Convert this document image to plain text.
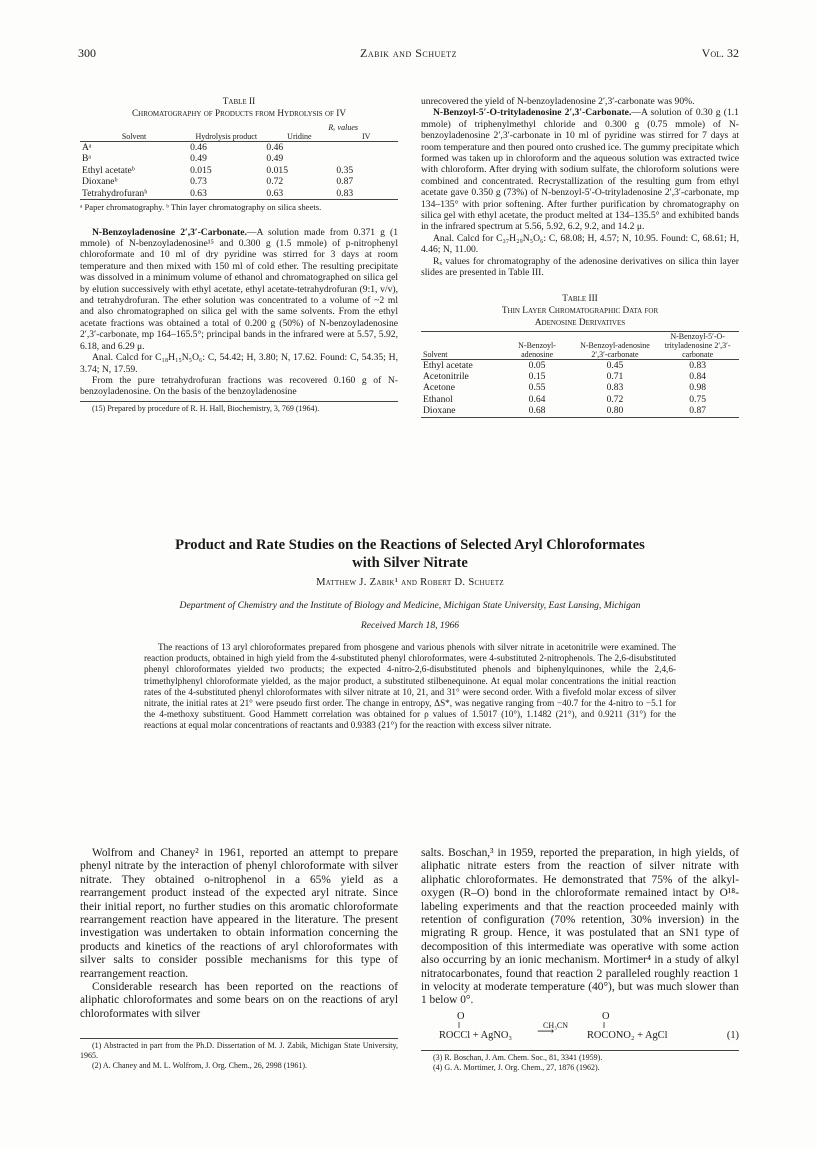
300	Zabik and Schuetz	Vol. 32
Table II
Chromatography of Products from Hydrolysis of IV
	Rₓ values		
Solvent	Hydrolysis product	Uridine	IV
Aᵃ	0.46	0.46	
Bᵃ	0.49	0.49	
Ethyl acetateᵇ	0.015	0.015	0.35
Dioxaneᵇ	0.73	0.72	0.87
Tetrahydrofuranᵇ	0.63	0.63	0.83
ᵃ Paper chromatography. ᵇ Thin layer chromatography on silica sheets.

N-Benzoyladenosine 2′,3′-Carbonate.—A solution made from 0.371 g (1 mmole) of N-benzoyladenosine¹⁵ and 0.300 g (1.5 mmole) of p-nitrophenyl chloroformate and 10 ml of dry pyridine was stirred for 3 days at room temperature and then mixed with 150 ml of cold ether. The resulting precipitate was dissolved in a minimum volume of ethanol and chromatographed on silica gel by elution successively with ethyl acetate, ethyl acetate-tetrahydrofuran (9:1, v/v), and tetrahydrofuran. The ether solution was concentrated to a volume of ~2 ml and also chromatographed on silica gel with the same solvents. From the ethyl acetate fractions was obtained a total of 0.200 g (50%) of N-benzoyladenosine 2′,3′-carbonate, mp 164–165.5°; principal bands in the infrared were at 5.57, 5.92, 6.18, and 6.29 μ.

Anal. Calcd for C₁₈H₁₅N₅O₆: C, 54.42; H, 3.80; N, 17.62. Found: C, 54.35; H, 3.74; N, 17.59.

From the pure tetrahydrofuran fractions was recovered 0.160 g of N-benzoyladenosine. On the basis of the benzoyladenosine

(15) Prepared by procedure of R. H. Hall, Biochemistry, 3, 769 (1964).

unrecovered the yield of N-benzoyladenosine 2′,3′-carbonate was 90%.

N-Benzoyl-5′-O-trityladenosine 2′,3′-Carbonate.—A solution of 0.30 g (1.1 mmole) of triphenylmethyl chloride and 0.300 g (0.75 mmole) of N-benzoyladenosine 2′,3′-carbonate in 10 ml of pyridine was stirred for 7 days at room temperature and then poured onto crushed ice. The gummy precipitate which formed was taken up in chloroform and the aqueous solution was extracted twice with chloroform. After drying with sodium sulfate, the chloroform solutions were combined and concentrated. Recrystallization of the resulting gum from ethyl acetate gave 0.350 g (73%) of N-benzoyl-5′-O-trityladenosine 2′,3′-carbonate, mp 134–135° with prior softening. After further purification by chromatography on silica gel with ethyl acetate, the product melted at 134–135.5° and exhibited bands in the infrared spectrum at 5.56, 5.92, 6.2, 9.2, and 14.2 μ.

Anal. Calcd for C₃₇H₂₉N₅O₆: C, 68.08; H, 4.57; N, 10.95. Found: C, 68.61; H, 4.46; N, 11.00.

Rₓ values for chromatography of the adenosine derivatives on silica thin layer slides are presented in Table III.

Table III
Thin Layer Chromatographic Data for
Adenosine Derivatives
Solvent	N-Benzoyl-adenosine	N-Benzoyl-adenosine 2′,3′-carbonate	N-Benzoyl-5′-O-trityladenosine 2′,3′-carbonate
Ethyl acetate	0.05	0.45	0.83
Acetonitrile	0.15	0.71	0.84
Acetone	0.55	0.83	0.98
Ethanol	0.64	0.72	0.75
Dioxane	0.68	0.80	0.87
Product and Rate Studies on the Reactions of Selected Aryl Chloroformates
with Silver Nitrate
Matthew J. Zabik¹ and Robert D. Schuetz
Department of Chemistry and the Institute of Biology and Medicine, Michigan State University, East Lansing, Michigan
Received March 18, 1966
The reactions of 13 aryl chloroformates prepared from phosgene and various phenols with silver nitrate in acetonitrile were examined. The reaction products, obtained in high yield from the 4-substituted phenyl chloroformates, were 4-substituted 2-nitrophenols. The 2,6-disubstituted phenyl chloroformates yielded two products; the expected 4-nitro-2,6-disubstituted phenols and biphenylquinones, while the 2,4,6-trimethylphenyl chloroformate yielded, as the major product, a substituted stilbenequinone. At equal molar concentrations the initial reaction rates of the 4-substituted phenyl chloroformates with silver nitrate at 10, 21, and 31° were second order. With a fivefold molar excess of silver nitrate, the initial rates at 21° were pseudo first order. The change in entropy, ΔS*, was negative ranging from −40.7 for the 4-nitro to −5.1 for the 4-methoxy substituent. Good Hammett correlation was obtained for ρ values of 1.5017 (10°), 1.1482 (21°), and 0.9211 (31°) for the reactions at equal molar concentrations of reactants and 0.9383 (21°) for the reaction with excess silver nitrate.

Wolfrom and Chaney² in 1961, reported an attempt to prepare phenyl nitrate by the interaction of phenyl chloroformate with silver nitrate. They obtained o-nitrophenol in a 65% yield as a rearrangement product instead of the expected aryl nitrate. Since their initial report, no further studies on this aromatic chloroformate rearrangement reaction have appeared in the literature. The present investigation was undertaken to obtain information concerning the products and kinetics of the reactions of aryl chloroformates with silver salts to consider possible mechanisms for this type of rearrangement reaction.

Considerable research has been reported on the reactions of aliphatic chloroformates and some bears on on the reactions of aryl chloroformates with silver

(1) Abstracted in part from the Ph.D. Dissertation of M. J. Zabik, Michigan State University, 1965.
(2) A. Chaney and M. L. Wolfrom, J. Org. Chem., 26, 2998 (1961).

salts. Boschan,³ in 1959, reported the preparation, in high yields, of aliphatic nitrate esters from the reaction of silver nitrate with aliphatic chloroformates. He demonstrated that 75% of the alkyl-oxygen (R–O) bond in the chloroformate remained intact by O¹⁸-labeling experiments and that the reaction proceeded mainly with retention of configuration (70% retention, 30% inversion) in the migrating R group. Hence, it was postulated that an SN1 type of decomposition of this intermediate was operative with some action also occurring by an ionic mechanism. Mortimer⁴ in a study of alkyl nitratocarbonates, found that reaction 2 paralleled roughly reaction 1 in velocity at moderate temperature (40°), but was much slower than 1 below 0°.

O
‖
ROCCl + AgNO₃
CH₃CN
⟶
O
‖
ROCONO₂ + AgCl	(1)
(3) R. Boschan, J. Am. Chem. Soc., 81, 3341 (1959).
(4) G. A. Mortimer, J. Org. Chem., 27, 1876 (1962).
